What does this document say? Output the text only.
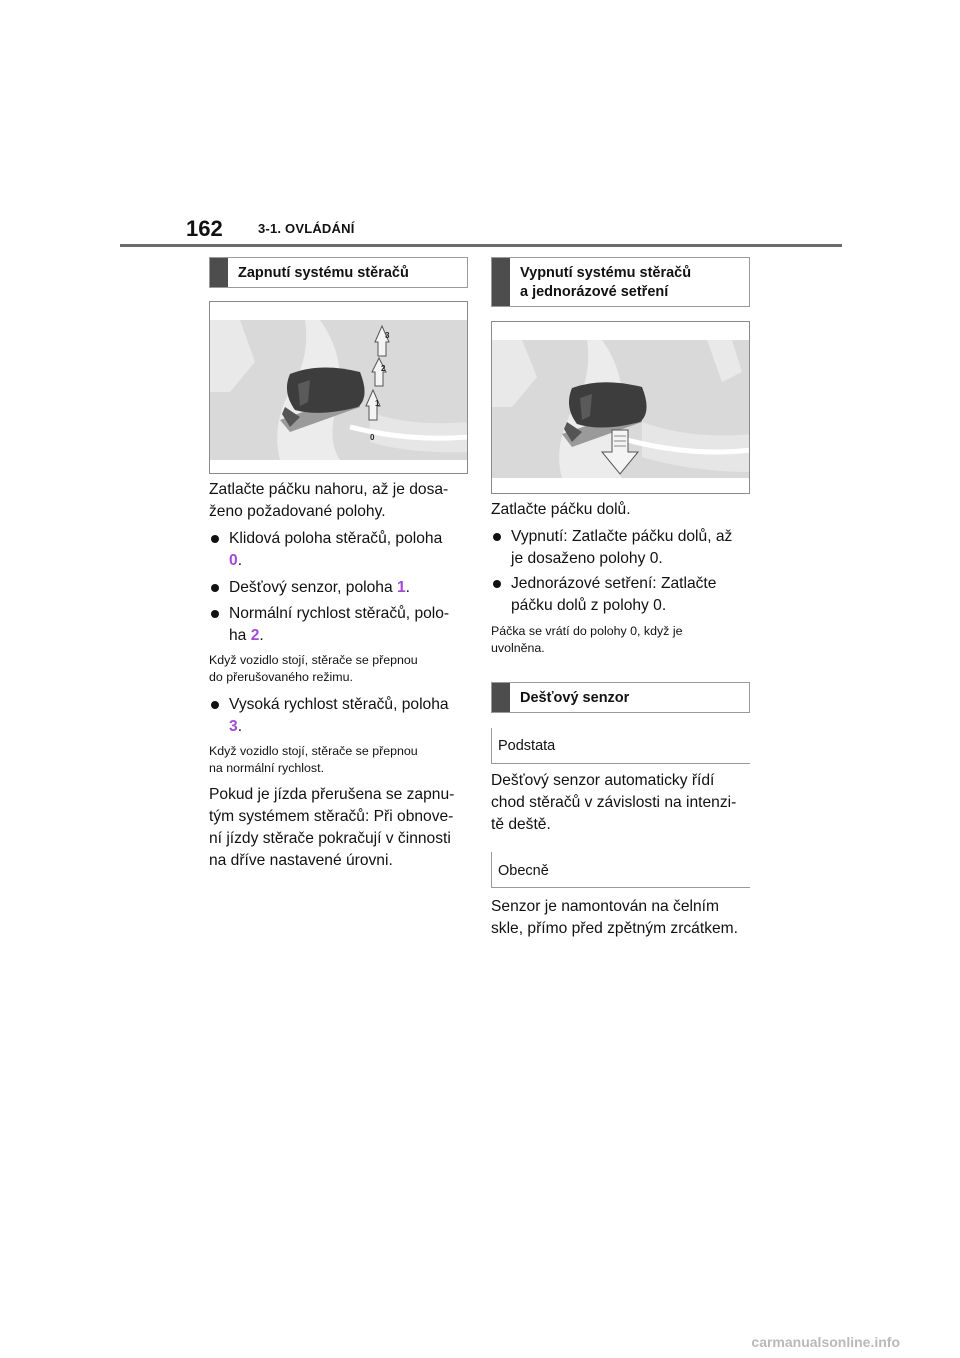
162	3-1. OVLÁDÁNÍ
Zapnutí systému stěračů
3
2
1
0
Zatlačte páčku nahoru, až je dosa-
ženo požadované polohy.
Klidová poloha stěračů, poloha
0.
Dešťový senzor, poloha 1.
Normální rychlost stěračů, polo-
ha 2.
Když vozidlo stojí, stěrače se přepnou
do přerušovaného režimu.
Vysoká rychlost stěračů, poloha
3.
Když vozidlo stojí, stěrače se přepnou
na normální rychlost.
Pokud je jízda přerušena se zapnu-
tým systémem stěračů: Při obnove-
ní jízdy stěrače pokračují v činnosti
na dříve nastavené úrovni.
Vypnutí systému stěračů
a jednorázové setření
Zatlačte páčku dolů.
Vypnutí: Zatlačte páčku dolů, až
je dosaženo polohy 0.
Jednorázové setření: Zatlačte
páčku dolů z polohy 0.
Páčka se vrátí do polohy 0, když je
uvolněna.
Dešťový senzor
Podstata
Dešťový senzor automaticky řídí
chod stěračů v závislosti na intenzi-
tě deště.
Obecně
Senzor je namontován na čelním
skle, přímo před zpětným zrcátkem.
carmanualsonline.info
